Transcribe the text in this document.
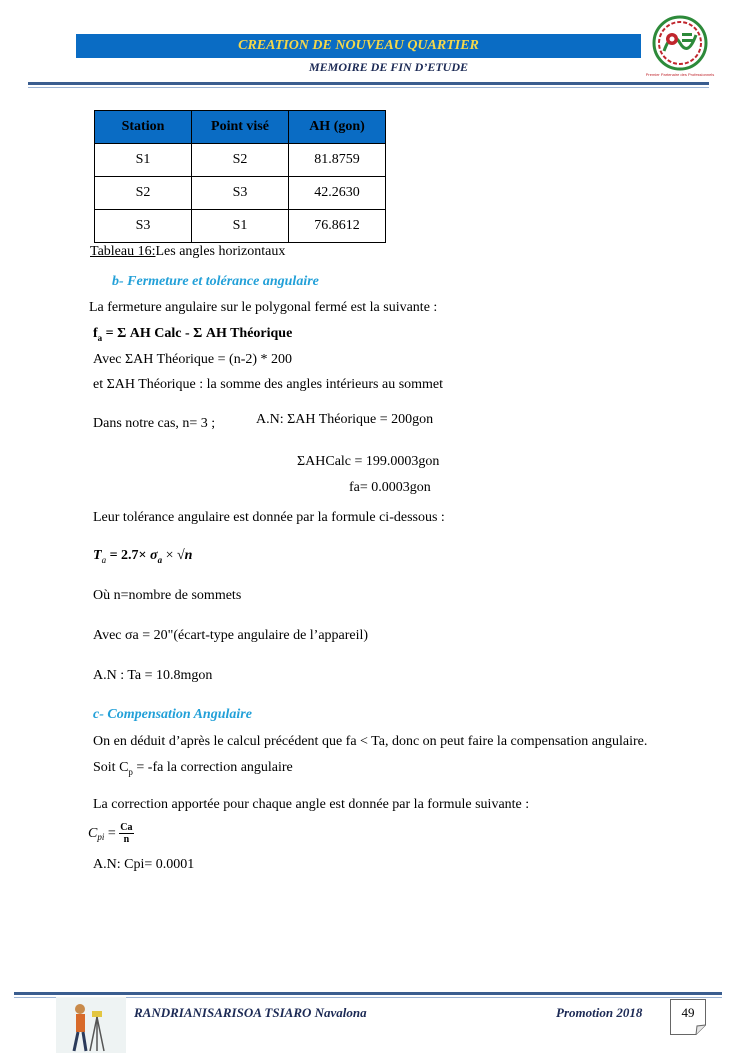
CREATION DE NOUVEAU QUARTIER
MEMOIRE DE FIN D’ETUDE
Premier Partenaire des Professionnels
Station	Point visé	AH (gon)
S1	S2	81.8759
S2	S3	42.2630
S3	S1	76.8612
Tableau 16:Les angles horizontaux
b- Fermeture et tolérance angulaire
La fermeture angulaire sur le polygonal fermé est la suivante :
$f_a = \Sigma$ AH Calc - Σ AH Théorique
Avec ΣAH Théorique = (n-2) * 200
et ΣAH Théorique : la somme des angles intérieurs au sommet
Dans notre cas, n= 3 ;	A.N: ΣAH Théorique = 200gon
ΣAHCalc = 199.0003gon
fa= 0.0003gon
Leur tolérance angulaire est donnée par la formule ci-dessous :
$T_a = 2.7\times \sigma_a \times √n$
Où n=nombre de sommets
Avec σa = 20"(écart-type angulaire de l’appareil)
A.N : Ta = 10.8mgon
c- Compensation Angulaire
On en déduit d’après le calcul précédent que fa < Ta, donc on peut faire la compensation angulaire.
Soit $C_p = -fa$ la correction angulaire
La correction apportée pour chaque angle est donnée par la formule suivante :
$C_{pi} = \frac{Ca}{n}$
A.N: Cpi= 0.0001
RANDRIANISARISOA TSIARO Navalona	Promotion 2018	49
